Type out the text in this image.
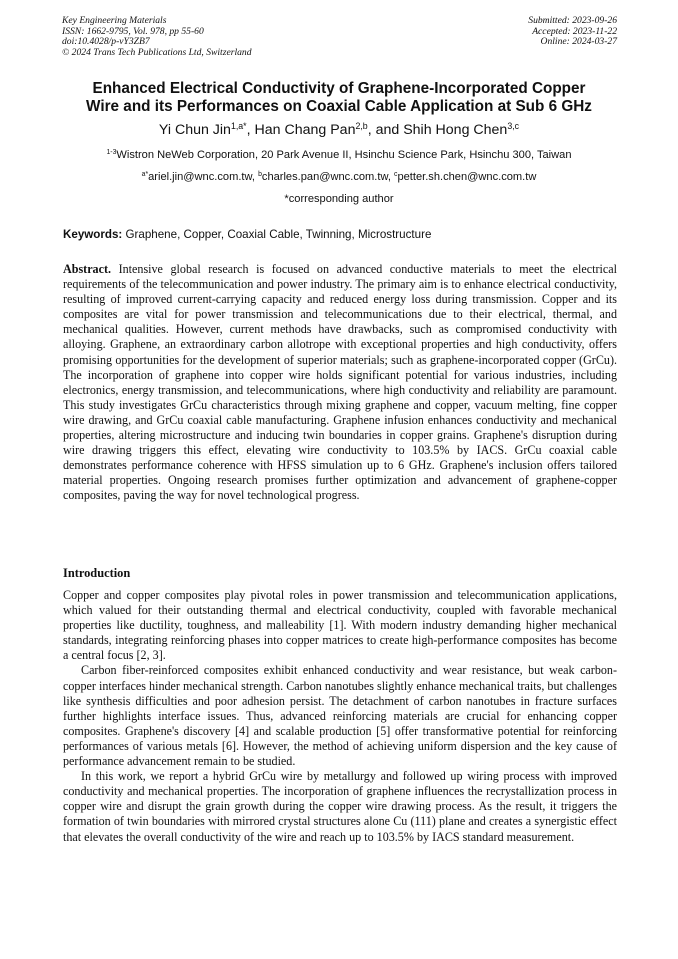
Key Engineering Materials
ISSN: 1662-9795, Vol. 978, pp 55-60
doi:10.4028/p-vY3ZB7
© 2024 Trans Tech Publications Ltd, Switzerland
Submitted: 2023-09-26
Accepted: 2023-11-22
Online: 2024-03-27
Enhanced Electrical Conductivity of Graphene-Incorporated Copper
Wire and its Performances on Coaxial Cable Application at Sub 6 GHz
Yi Chun Jin$^{1,a*}$, Han Chang Pan$^{2,b}$, and Shih Hong Chen$^{3,c}$
$^{1-3}$Wistron NeWeb Corporation, 20 Park Avenue II, Hsinchu Science Park, Hsinchu 300, Taiwan
$^{a*}$ariel.jin@wnc.com.tw, $^b$charles.pan@wnc.com.tw, $^c$petter.sh.chen@wnc.com.tw
*corresponding author
Keywords: Graphene, Copper, Coaxial Cable, Twinning, Microstructure
Abstract. Intensive global research is focused on advanced conductive materials to meet the electrical requirements of the telecommunication and power industry. The primary aim is to enhance electrical conductivity, resulting of improved current-carrying capacity and reduced energy loss during transmission. Copper and its composites are vital for power transmission and telecommunications due to their electrical, thermal, and mechanical qualities. However, current methods have drawbacks, such as compromised conductivity with alloying. Graphene, an extraordinary carbon allotrope with exceptional properties and high conductivity, offers promising opportunities for the development of superior materials; such as graphene-incorporated copper (GrCu). The incorporation of graphene into copper wire holds significant potential for various industries, including electronics, energy transmission, and telecommunications, where high conductivity and reliability are paramount. This study investigates GrCu characteristics through mixing graphene and copper, vacuum melting, fine copper wire drawing, and GrCu coaxial cable manufacturing. Graphene infusion enhances conductivity and mechanical properties, altering microstructure and inducing twin boundaries in copper grains. Graphene's disruption during wire drawing triggers this effect, elevating wire conductivity to 103.5% by IACS. GrCu coaxial cable demonstrates performance coherence with HFSS simulation up to 6 GHz. Graphene's inclusion offers tailored material properties. Ongoing research promises further optimization and advancement of graphene-copper composites, paving the way for novel technological progress.
Introduction

Copper and copper composites play pivotal roles in power transmission and telecommunication applications, which valued for their outstanding thermal and electrical conductivity, coupled with favorable mechanical properties like ductility, toughness, and malleability [1]. With modern industry demanding higher mechanical standards, integrating reinforcing phases into copper matrices to create high-performance composites has become a central focus [2, 3].

Carbon fiber-reinforced composites exhibit enhanced conductivity and wear resistance, but weak carbon-copper interfaces hinder mechanical strength. Carbon nanotubes slightly enhance mechanical traits, but challenges like synthesis difficulties and poor adhesion persist. The detachment of carbon nanotubes in fracture surfaces further highlights interface issues. Thus, advanced reinforcing materials are crucial for enhancing copper composites. Graphene's discovery [4] and scalable production [5] offer transformative potential for reinforcing performances of various metals [6]. However, the method of achieving uniform dispersion and the key cause of performance advancement remain to be studied.

In this work, we report a hybrid GrCu wire by metallurgy and followed up wiring process with improved conductivity and mechanical properties. The incorporation of graphene influences the recrystallization process in copper wire and disrupt the grain growth during the copper wire drawing process. As the result, it triggers the formation of twin boundaries with mirrored crystal structures alone Cu (111) plane and creates a synergistic effect that elevates the overall conductivity of the wire and reach up to 103.5% by IACS standard measurement.
